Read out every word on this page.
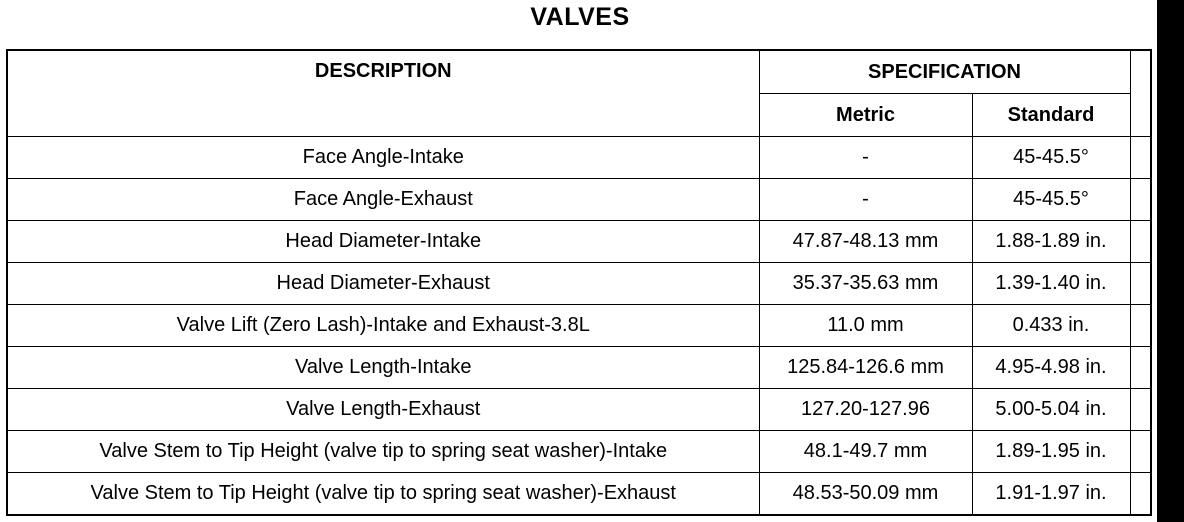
VALVES
DESCRIPTION	SPECIFICATION		
	Metric	Standard	
Face Angle-Intake	-	45-45.5°	
Face Angle-Exhaust	-	45-45.5°	
Head Diameter-Intake	47.87-48.13 mm	1.88-1.89 in.	
Head Diameter-Exhaust	35.37-35.63 mm	1.39-1.40 in.	
Valve Lift (Zero Lash)-Intake and Exhaust-3.8L	11.0 mm	0.433 in.	
Valve Length-Intake	125.84-126.6 mm	4.95-4.98 in.	
Valve Length-Exhaust	127.20-127.96	5.00-5.04 in.	
Valve Stem to Tip Height (valve tip to spring seat washer)-Intake	48.1-49.7 mm	1.89-1.95 in.	
Valve Stem to Tip Height (valve tip to spring seat washer)-Exhaust	48.53-50.09 mm	1.91-1.97 in.	
